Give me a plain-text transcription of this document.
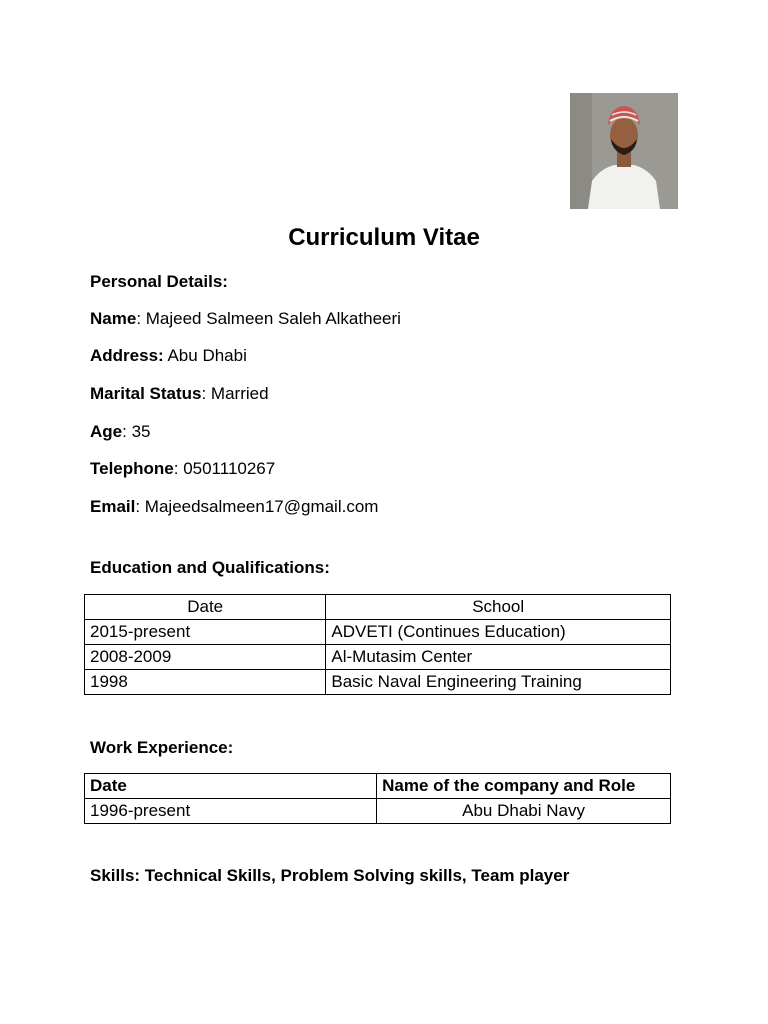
Curriculum Vitae
Personal Details:
Name: Majeed Salmeen Saleh Alkatheeri
Address: Abu Dhabi
Marital Status: Married
Age: 35
Telephone: 0501110267
Email: Majeedsalmeen17@gmail.com
Education and Qualifications:
Date	School
2015-present	ADVETI (Continues Education)
2008-2009	Al-Mutasim Center
1998	Basic Naval Engineering Training
Work Experience:
Date	Name of the company and Role
1996-present	Abu Dhabi Navy
Skills: Technical Skills, Problem Solving skills, Team player
